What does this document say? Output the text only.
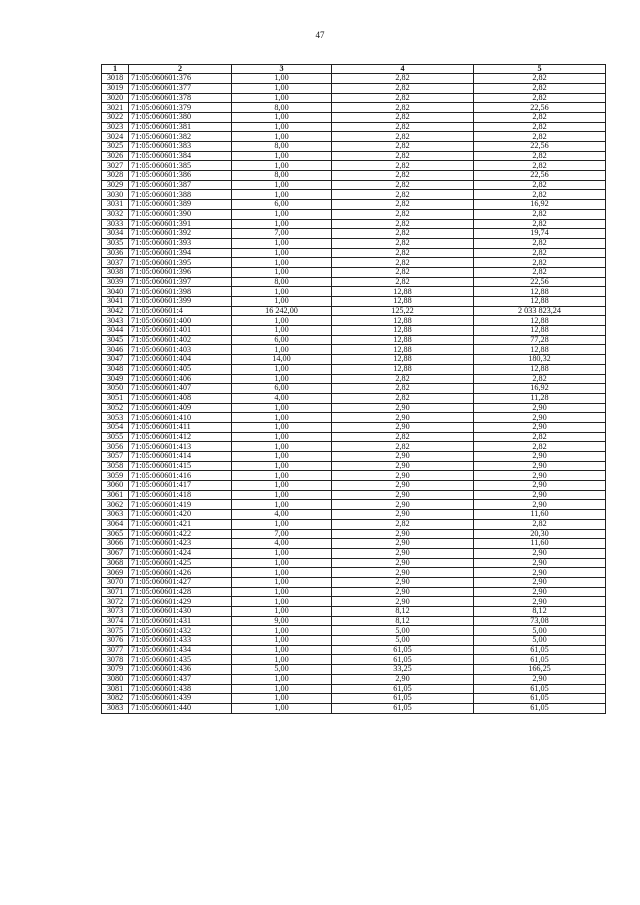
47
1	2	3	4	5
3018	71:05:060601:376	1,00	2,82	2,82
3019	71:05:060601:377	1,00	2,82	2,82
3020	71:05:060601:378	1,00	2,82	2,82
3021	71:05:060601:379	8,00	2,82	22,56
3022	71:05:060601:380	1,00	2,82	2,82
3023	71:05:060601:381	1,00	2,82	2,82
3024	71:05:060601:382	1,00	2,82	2,82
3025	71:05:060601:383	8,00	2,82	22,56
3026	71:05:060601:384	1,00	2,82	2,82
3027	71:05:060601:385	1,00	2,82	2,82
3028	71:05:060601:386	8,00	2,82	22,56
3029	71:05:060601:387	1,00	2,82	2,82
3030	71:05:060601:388	1,00	2,82	2,82
3031	71:05:060601:389	6,00	2,82	16,92
3032	71:05:060601:390	1,00	2,82	2,82
3033	71:05:060601:391	1,00	2,82	2,82
3034	71:05:060601:392	7,00	2,82	19,74
3035	71:05:060601:393	1,00	2,82	2,82
3036	71:05:060601:394	1,00	2,82	2,82
3037	71:05:060601:395	1,00	2,82	2,82
3038	71:05:060601:396	1,00	2,82	2,82
3039	71:05:060601:397	8,00	2,82	22,56
3040	71:05:060601:398	1,00	12,88	12,88
3041	71:05:060601:399	1,00	12,88	12,88
3042	71:05:060601:4	16 242,00	125,22	2 033 823,24
3043	71:05:060601:400	1,00	12,88	12,88
3044	71:05:060601:401	1,00	12,88	12,88
3045	71:05:060601:402	6,00	12,88	77,28
3046	71:05:060601:403	1,00	12,88	12,88
3047	71:05:060601:404	14,00	12,88	180,32
3048	71:05:060601:405	1,00	12,88	12,88
3049	71:05:060601:406	1,00	2,82	2,82
3050	71:05:060601:407	6,00	2,82	16,92
3051	71:05:060601:408	4,00	2,82	11,28
3052	71:05:060601:409	1,00	2,90	2,90
3053	71:05:060601:410	1,00	2,90	2,90
3054	71:05:060601:411	1,00	2,90	2,90
3055	71:05:060601:412	1,00	2,82	2,82
3056	71:05:060601:413	1,00	2,82	2,82
3057	71:05:060601:414	1,00	2,90	2,90
3058	71:05:060601:415	1,00	2,90	2,90
3059	71:05:060601:416	1,00	2,90	2,90
3060	71:05:060601:417	1,00	2,90	2,90
3061	71:05:060601:418	1,00	2,90	2,90
3062	71:05:060601:419	1,00	2,90	2,90
3063	71:05:060601:420	4,00	2,90	11,60
3064	71:05:060601:421	1,00	2,82	2,82
3065	71:05:060601:422	7,00	2,90	20,30
3066	71:05:060601:423	4,00	2,90	11,60
3067	71:05:060601:424	1,00	2,90	2,90
3068	71:05:060601:425	1,00	2,90	2,90
3069	71:05:060601:426	1,00	2,90	2,90
3070	71:05:060601:427	1,00	2,90	2,90
3071	71:05:060601:428	1,00	2,90	2,90
3072	71:05:060601:429	1,00	2,90	2,90
3073	71:05:060601:430	1,00	8,12	8,12
3074	71:05:060601:431	9,00	8,12	73,08
3075	71:05:060601:432	1,00	5,00	5,00
3076	71:05:060601:433	1,00	5,00	5,00
3077	71:05:060601:434	1,00	61,05	61,05
3078	71:05:060601:435	1,00	61,05	61,05
3079	71:05:060601:436	5,00	33,25	166,25
3080	71:05:060601:437	1,00	2,90	2,90
3081	71:05:060601:438	1,00	61,05	61,05
3082	71:05:060601:439	1,00	61,05	61,05
3083	71:05:060601:440	1,00	61,05	61,05
